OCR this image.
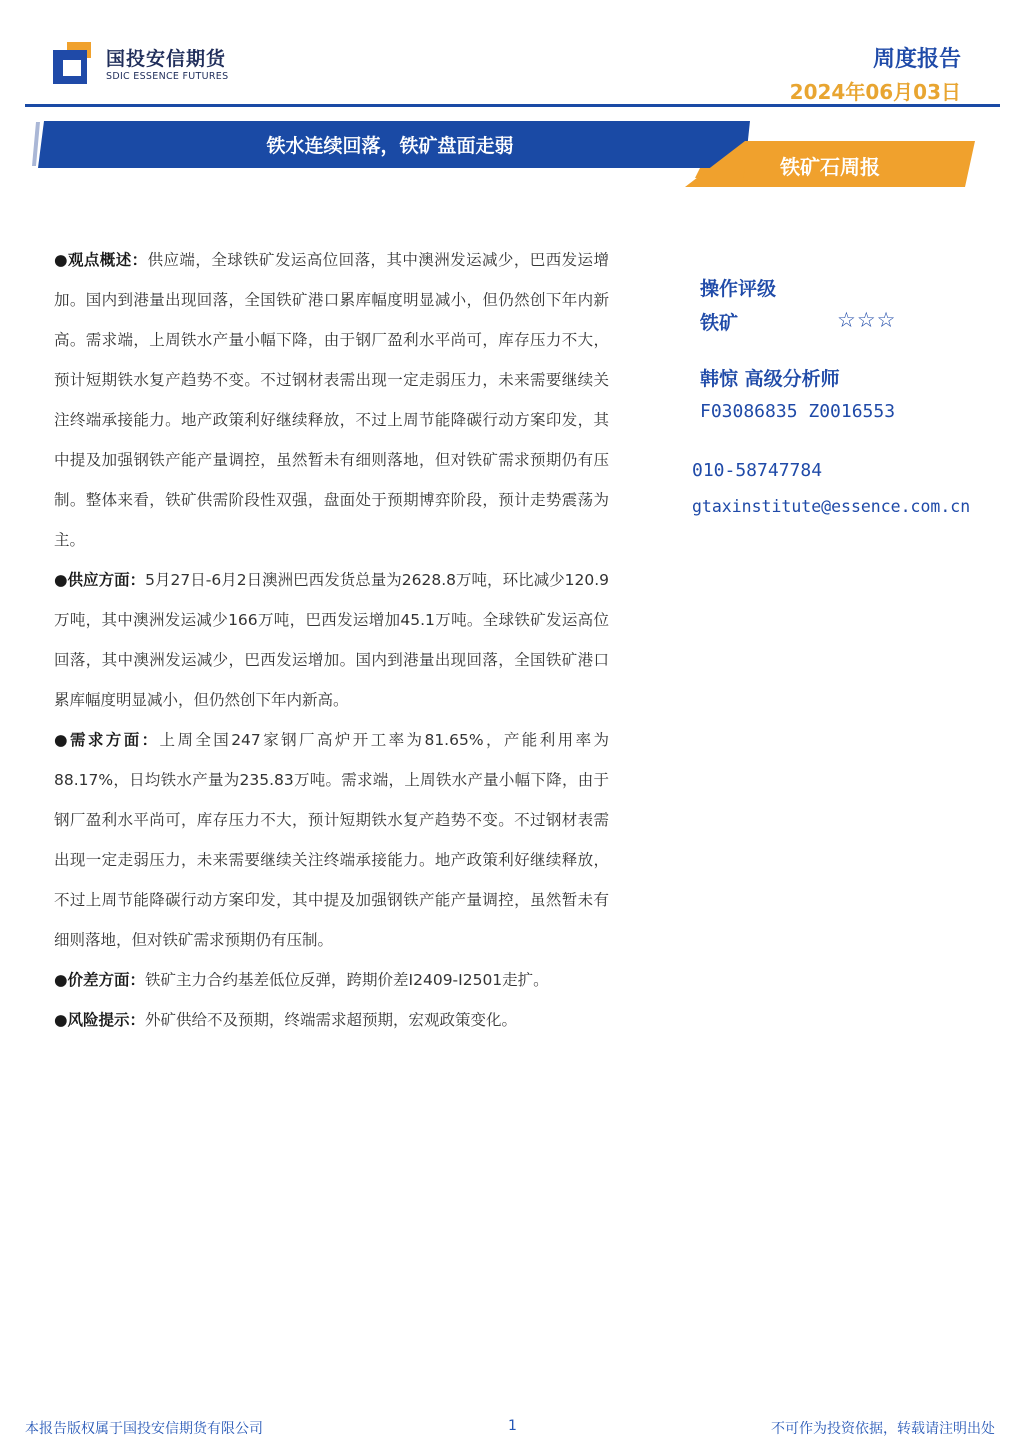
国投安信期货
SDIC ESSENCE FUTURES
周度报告
2024年06月03日
铁水连续回落，铁矿盘面走弱
铁矿石周报

●观点概述：供应端，全球铁矿发运高位回落，其中澳洲发运减少，巴西发运增加。国内到港量出现回落，全国铁矿港口累库幅度明显减小，但仍然创下年内新高。需求端，上周铁水产量小幅下降，由于钢厂盈利水平尚可，库存压力不大，预计短期铁水复产趋势不变。不过钢材表需出现一定走弱压力，未来需要继续关注终端承接能力。地产政策利好继续释放，不过上周节能降碳行动方案印发，其中提及加强钢铁产能产量调控，虽然暂未有细则落地，但对铁矿需求预期仍有压制。整体来看，铁矿供需阶段性双强，盘面处于预期博弈阶段，预计走势震荡为主。

●供应方面：5月27日-6月2日澳洲巴西发货总量为2628.8万吨，环比减少120.9万吨，其中澳洲发运减少166万吨，巴西发运增加45.1万吨。全球铁矿发运高位回落，其中澳洲发运减少，巴西发运增加。国内到港量出现回落，全国铁矿港口累库幅度明显减小，但仍然创下年内新高。

●需求方面：上周全国247家钢厂高炉开工率为81.65%，产能利用率为88.17%，日均铁水产量为235.83万吨。需求端，上周铁水产量小幅下降，由于钢厂盈利水平尚可，库存压力不大，预计短期铁水复产趋势不变。不过钢材表需出现一定走弱压力，未来需要继续关注终端承接能力。地产政策利好继续释放，不过上周节能降碳行动方案印发，其中提及加强钢铁产能产量调控，虽然暂未有细则落地，但对铁矿需求预期仍有压制。

●价差方面：铁矿主力合约基差低位反弹，跨期价差I2409-I2501走扩。

●风险提示：外矿供给不及预期，终端需求超预期，宏观政策变化。

操作评级
铁矿	☆☆☆
韩惊 高级分析师
F03086835 Z0016553
010-58747784
gtaxinstitute@essence.com.cn
本报告版权属于国投安信期货有限公司	1	不可作为投资依据，转载请注明出处
